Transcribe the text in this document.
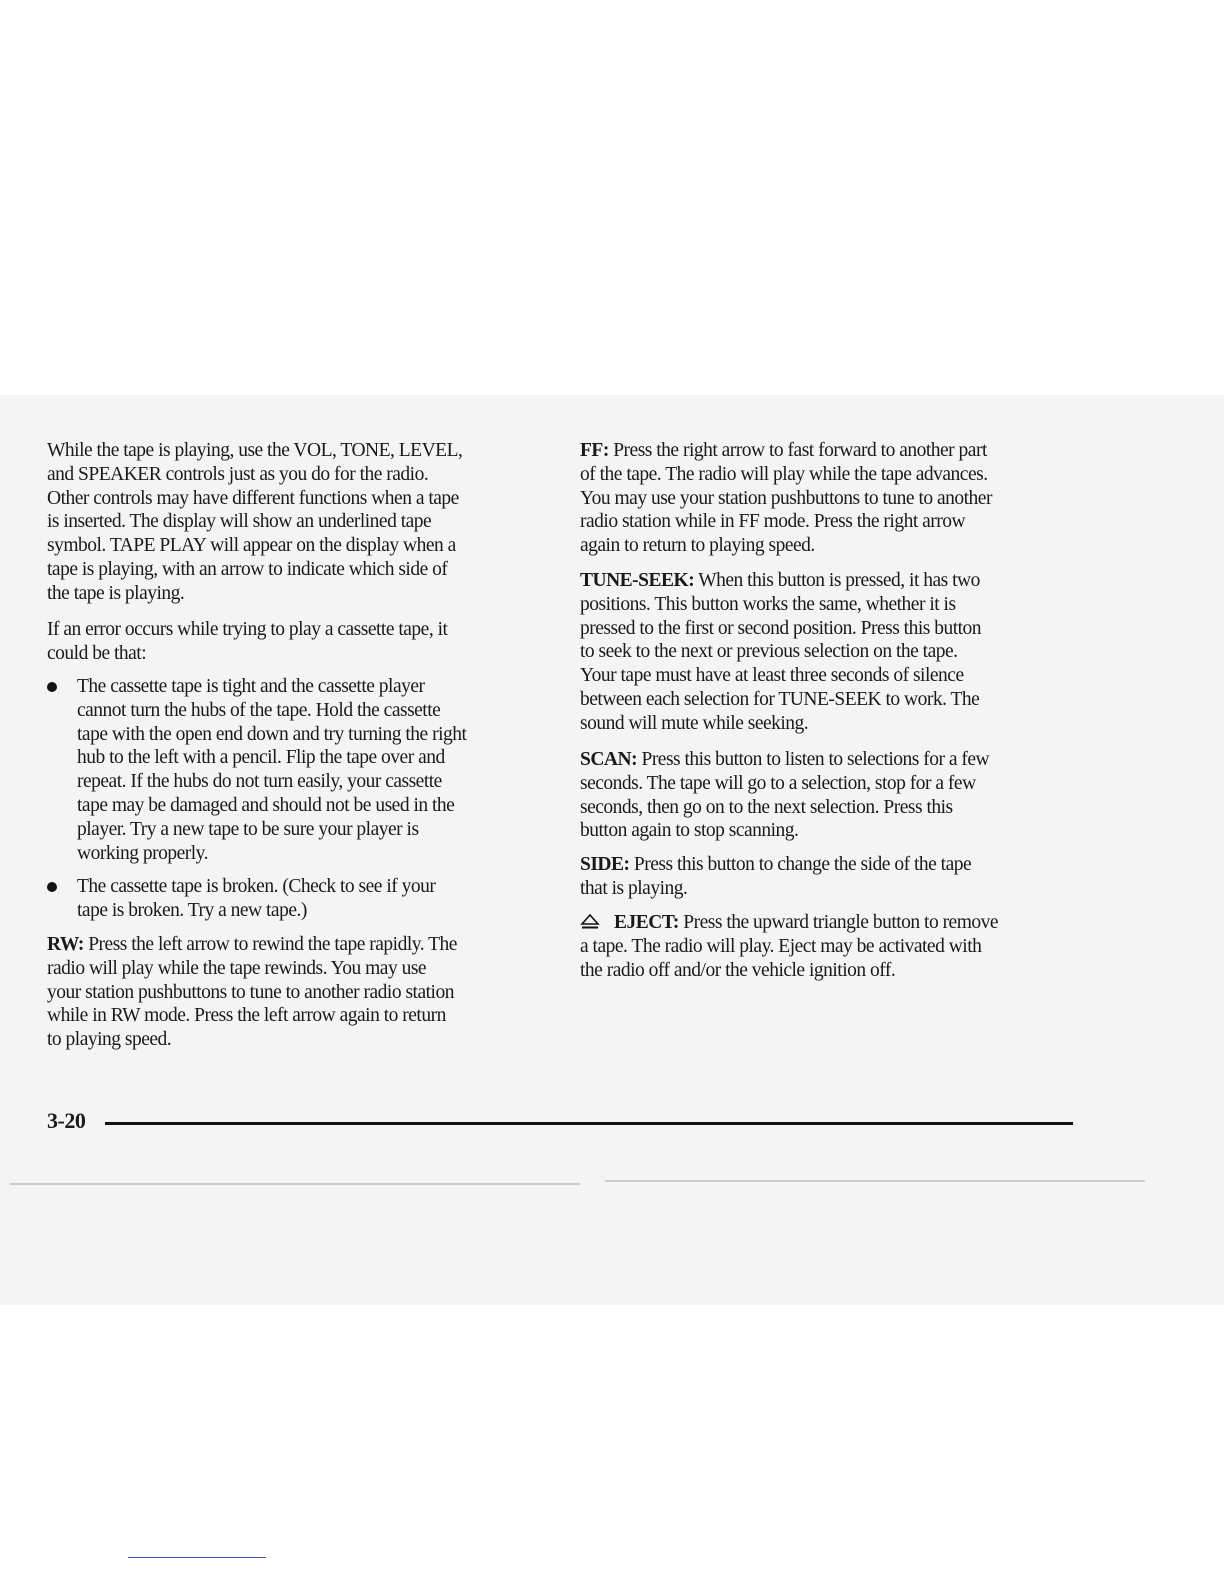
While the tape is playing, use the VOL, TONE, LEVEL,
and SPEAKER controls just as you do for the radio.
Other controls may have different functions when a tape
is inserted. The display will show an underlined tape
symbol. TAPE PLAY will appear on the display when a
tape is playing, with an arrow to indicate which side of
the tape is playing.
If an error occurs while trying to play a cassette tape, it
could be that:
The cassette tape is tight and the cassette player
cannot turn the hubs of the tape. Hold the cassette
tape with the open end down and try turning the right
hub to the left with a pencil. Flip the tape over and
repeat. If the hubs do not turn easily, your cassette
tape may be damaged and should not be used in the
player. Try a new tape to be sure your player is
working properly.
The cassette tape is broken. (Check to see if your
tape is broken. Try a new tape.)
RW: Press the left arrow to rewind the tape rapidly. The
radio will play while the tape rewinds. You may use
your station pushbuttons to tune to another radio station
while in RW mode. Press the left arrow again to return
to playing speed.
FF: Press the right arrow to fast forward to another part
of the tape. The radio will play while the tape advances.
You may use your station pushbuttons to tune to another
radio station while in FF mode. Press the right arrow
again to return to playing speed.
TUNE-SEEK: When this button is pressed, it has two
positions. This button works the same, whether it is
pressed to the first or second position. Press this button
to seek to the next or previous selection on the tape.
Your tape must have at least three seconds of silence
between each selection for TUNE-SEEK to work. The
sound will mute while seeking.
SCAN: Press this button to listen to selections for a few
seconds. The tape will go to a selection, stop for a few
seconds, then go on to the next selection. Press this
button again to stop scanning.
SIDE: Press this button to change the side of the tape
that is playing.
EJECT: Press the upward triangle button to remove
a tape. The radio will play. Eject may be activated with
the radio off and/or the vehicle ignition off.
3-20
